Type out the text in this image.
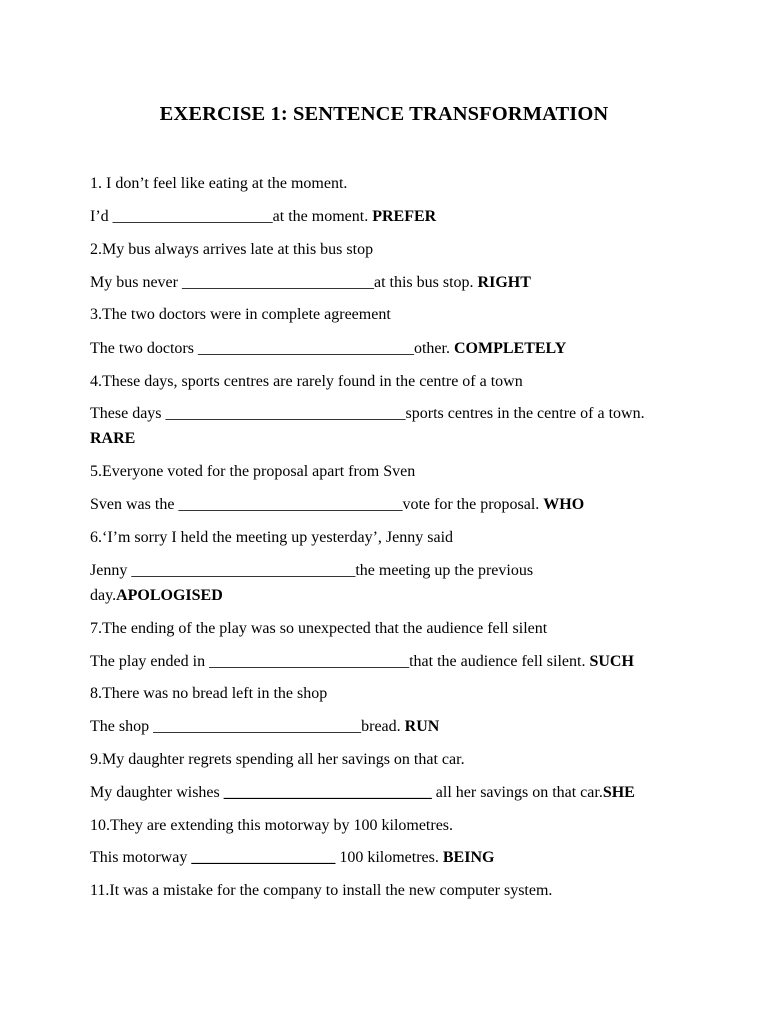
EXERCISE 1: SENTENCE TRANSFORMATION
1. I don’t feel like eating at the moment.
I’d ____________________at the moment. PREFER
2.My bus always arrives late at this bus stop
My bus never ________________________at this bus stop. RIGHT
3.The two doctors were in complete agreement
The two doctors ___________________________other. COMPLETELY
4.These days, sports centres are rarely found in the centre of a town
These days ______________________________sports centres in the centre of a town.
RARE
5.Everyone voted for the proposal apart from Sven
Sven was the ____________________________vote for the proposal. WHO
6.‘I’m sorry I held the meeting up yesterday’, Jenny said
Jenny ____________________________the meeting up the previous
day.APOLOGISED
7.The ending of the play was so unexpected that the audience fell silent
The play ended in _________________________that the audience fell silent. SUCH
8.There was no bread left in the shop
The shop __________________________bread. RUN
9.My daughter regrets spending all her savings on that car.
My daughter wishes __________________________ all her savings on that car.SHE
10.They are extending this motorway by 100 kilometres.
This motorway __________________ 100 kilometres. BEING
11.It was a mistake for the company to install the new computer system.
